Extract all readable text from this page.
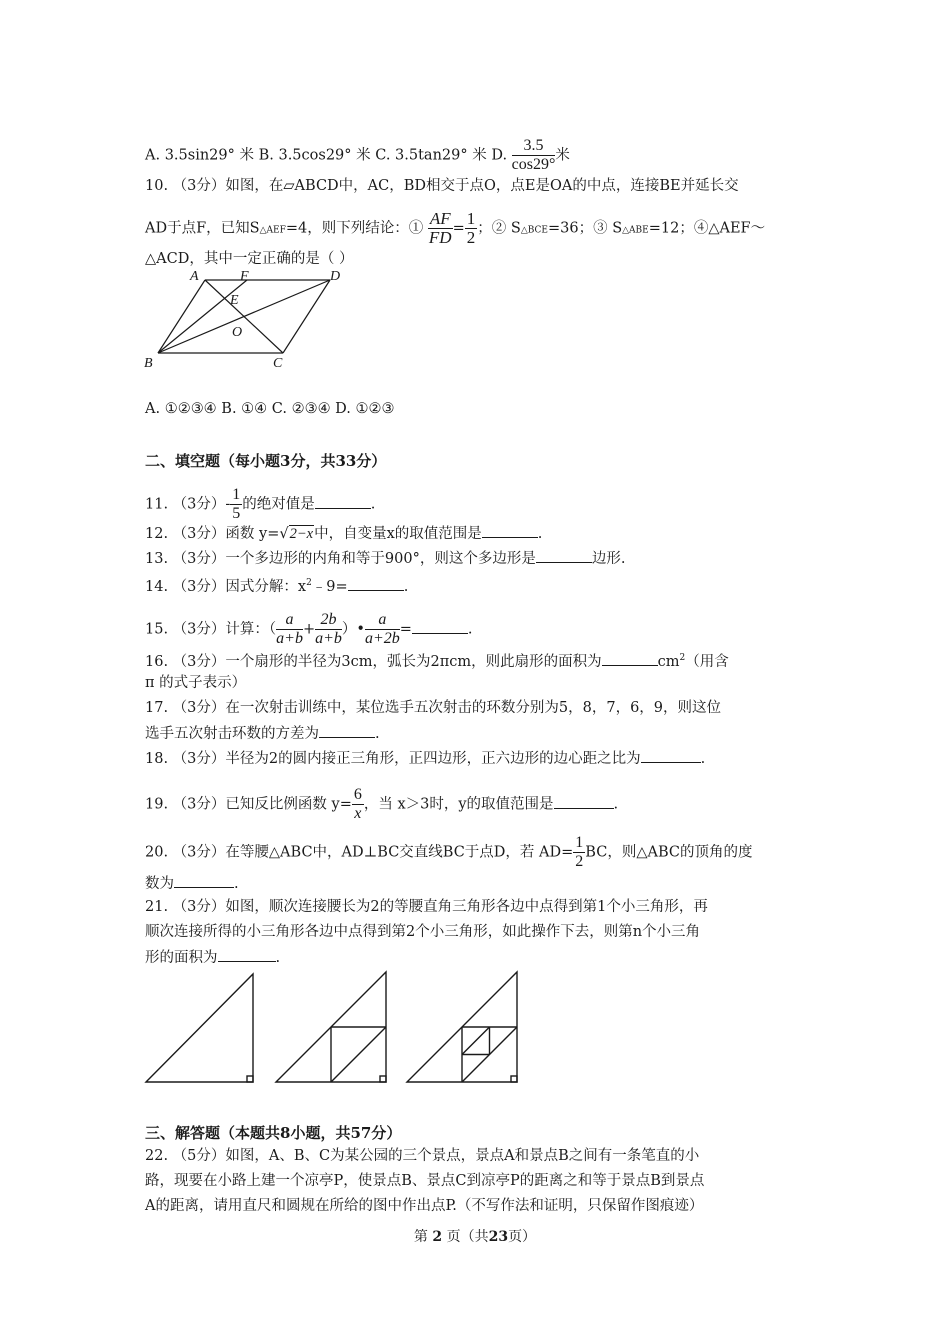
A. 3.5sin29° 米 B. 3.5cos29° 米 C. 3.5tan29° 米 D. $\frac{3.5}{\cos 29^\circ}$ 米
10. （3分）如图，在▱ABCD中，AC，BD相交于点O，点E是OA的中点，连接BE并延长交
AD于点F，已知S△AEF=4，则下列结论：① $\frac{AF}{FD} = \frac{1}{2}$ ；② S△BCE=36；③ S△ABE=12；④△AEF～
△ACD，其中一定正确的是（ ）
A	F	D
E
O
B	C
A. ①②③④ B. ①④ C. ②③④ D. ①②③
二、填空题（每小题3分，共33分）
11. （3分）- $\frac{1}{5}$ 的绝对值是	.
12. （3分）函数 y=√2−x中，自变量x的取值范围是	.
13. （3分）一个多边形的内角和等于900°，则这个多边形是	边形.
14. （3分）因式分解：$x^2﹣9=$	.
15. （3分）计算：（ $\frac{a}{a+b} + \frac{2b}{a+b}$ ）• $\frac{a}{a+2b}$ =	.
16. （3分）一个扇形的半径为3cm，弧长为2πcm，则此扇形的面积为	$cm^2$（用含
π 的式子表示）
17. （3分）在一次射击训练中，某位选手五次射击的环数分别为5，8，7，6，9，则这位
选手五次射击环数的方差为	.
18. （3分）半径为2的圆内接正三角形，正四边形，正六边形的边心距之比为	.
19. （3分）已知反比例函数 $y= \frac{6}{x}$ ，当 x＞3时，y的取值范围是	.
20. （3分）在等腰△ABC中，AD⊥BC交直线BC于点D，若 $AD= \frac{1}{2}$ BC，则△ABC的顶角的度
数为	.
21. （3分）如图，顺次连接腰长为2的等腰直角三角形各边中点得到第1个小三角形，再
顺次连接所得的小三角形各边中点得到第2个小三角形，如此操作下去，则第n个小三角
形的面积为	.
三、解答题（本题共8小题，共57分）
22. （5分）如图，A、B、C为某公园的三个景点，景点A和景点B之间有一条笔直的小
路，现要在小路上建一个凉亭P，使景点B、景点C到凉亭P的距离之和等于景点B到景点
A的距离，请用直尺和圆规在所给的图中作出点P.（不写作法和证明，只保留作图痕迹）
第 2 页（共23页）
